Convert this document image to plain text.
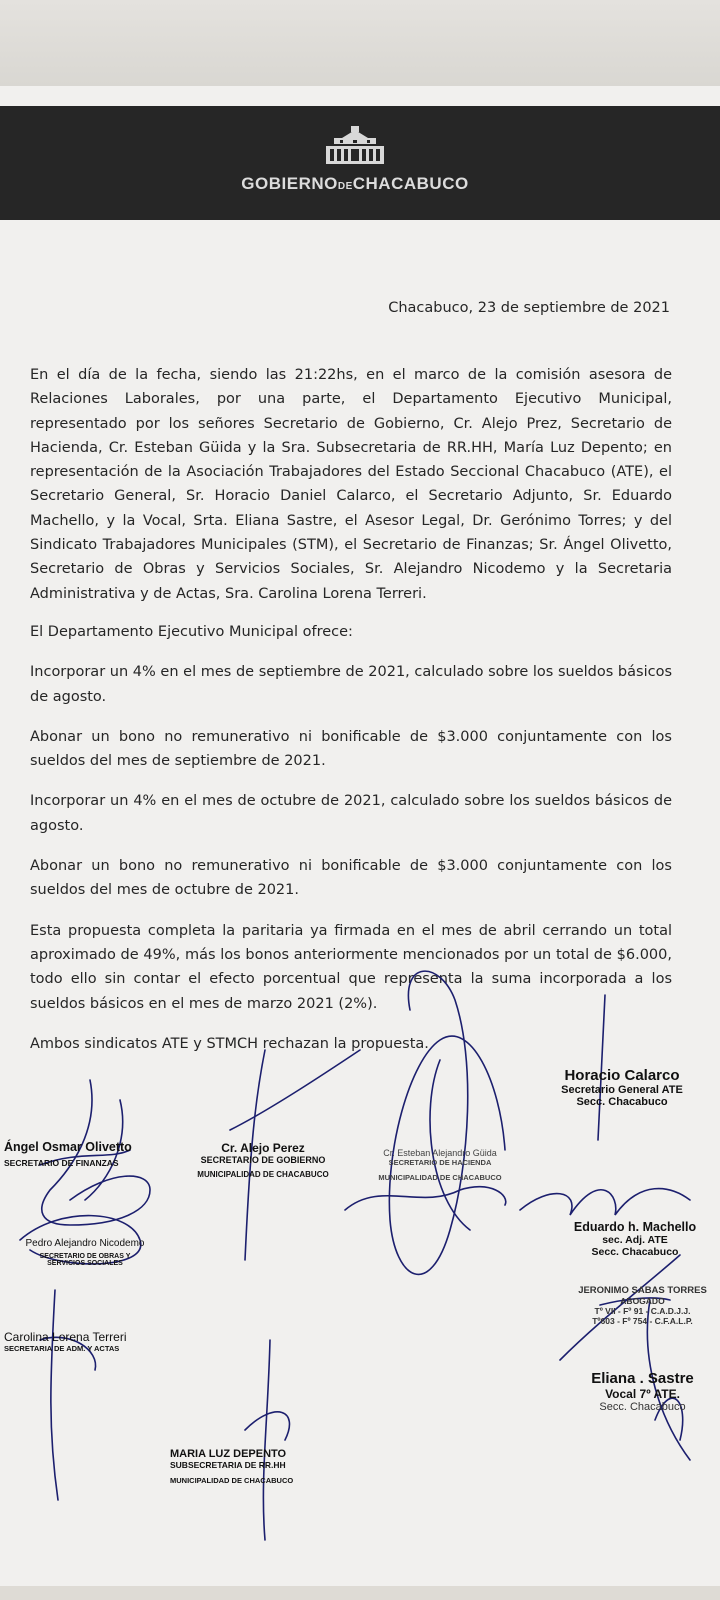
GOBIERNODECHACABUCO
Chacabuco, 23 de septiembre de 2021

En el día de la fecha, siendo las 21:22hs, en el marco de la comisión asesora de Relaciones Laborales, por una parte, el Departamento Ejecutivo Municipal, representado por los señores Secretario de Gobierno, Cr. Alejo Prez, Secretario de Hacienda, Cr. Esteban Güida y la Sra. Subsecretaria de RR.HH, María Luz Depento; en representación de la Asociación Trabajadores del Estado Seccional Chacabuco (ATE), el Secretario General, Sr. Horacio Daniel Calarco, el Secretario Adjunto, Sr. Eduardo Machello, y la Vocal, Srta. Eliana Sastre, el Asesor Legal, Dr. Gerónimo Torres; y del Sindicato Trabajadores Municipales (STM), el Secretario de Finanzas; Sr. Ángel Olivetto, Secretario de Obras y Servicios Sociales, Sr. Alejandro Nicodemo y la Secretaria Administrativa y de Actas, Sra. Carolina Lorena Terreri.

El Departamento Ejecutivo Municipal ofrece:

Incorporar un 4% en el mes de septiembre de 2021, calculado sobre los sueldos básicos de agosto.

Abonar un bono no remunerativo ni bonificable de $3.000 conjuntamente con los sueldos del mes de septiembre de 2021.

Incorporar un 4% en el mes de octubre de 2021, calculado sobre los sueldos básicos de agosto.

Abonar un bono no remunerativo ni bonificable de $3.000 conjuntamente con los sueldos del mes de octubre de 2021.

Esta propuesta completa la paritaria ya firmada en el mes de abril cerrando un total aproximado de 49%, más los bonos anteriormente mencionados por un total de $6.000, todo ello sin contar el efecto porcentual que representa la suma incorporada a los sueldos básicos en el mes de marzo 2021 (2%).

Ambos sindicatos ATE y STMCH rechazan la propuesta.

Horacio Calarco
Secretario General ATE
Secc. Chacabuco
Ángel Osmar Olivetto
SECRETARIO DE FINANZAS
Cr. Alejo Perez
SECRETARIO DE GOBIERNO
MUNICIPALIDAD DE CHACABUCO
Cr. Esteban Alejandro Güida
SECRETARIO DE HACIENDA
MUNICIPALIDAD DE CHACABUCO
Eduardo h. Machello
sec. Adj. ATE
Secc. Chacabuco
Pedro Alejandro Nicodemo
SECRETARIO DE OBRAS Y
SERVICIOS SOCIALES
JERONIMO SABAS TORRES
ABOGADO
Tº VII - Fº 91 - C.A.D.J.J.
Tº603 - Fº 754 - C.F.A.L.P.
Carolina Lorena Terreri
SECRETARIA DE ADM. Y ACTAS
Eliana . Sastre
Vocal 7º ATE.
Secc. Chacabuco
MARIA LUZ DEPENTO
SUBSECRETARIA DE RR.HH
MUNICIPALIDAD DE CHACABUCO
